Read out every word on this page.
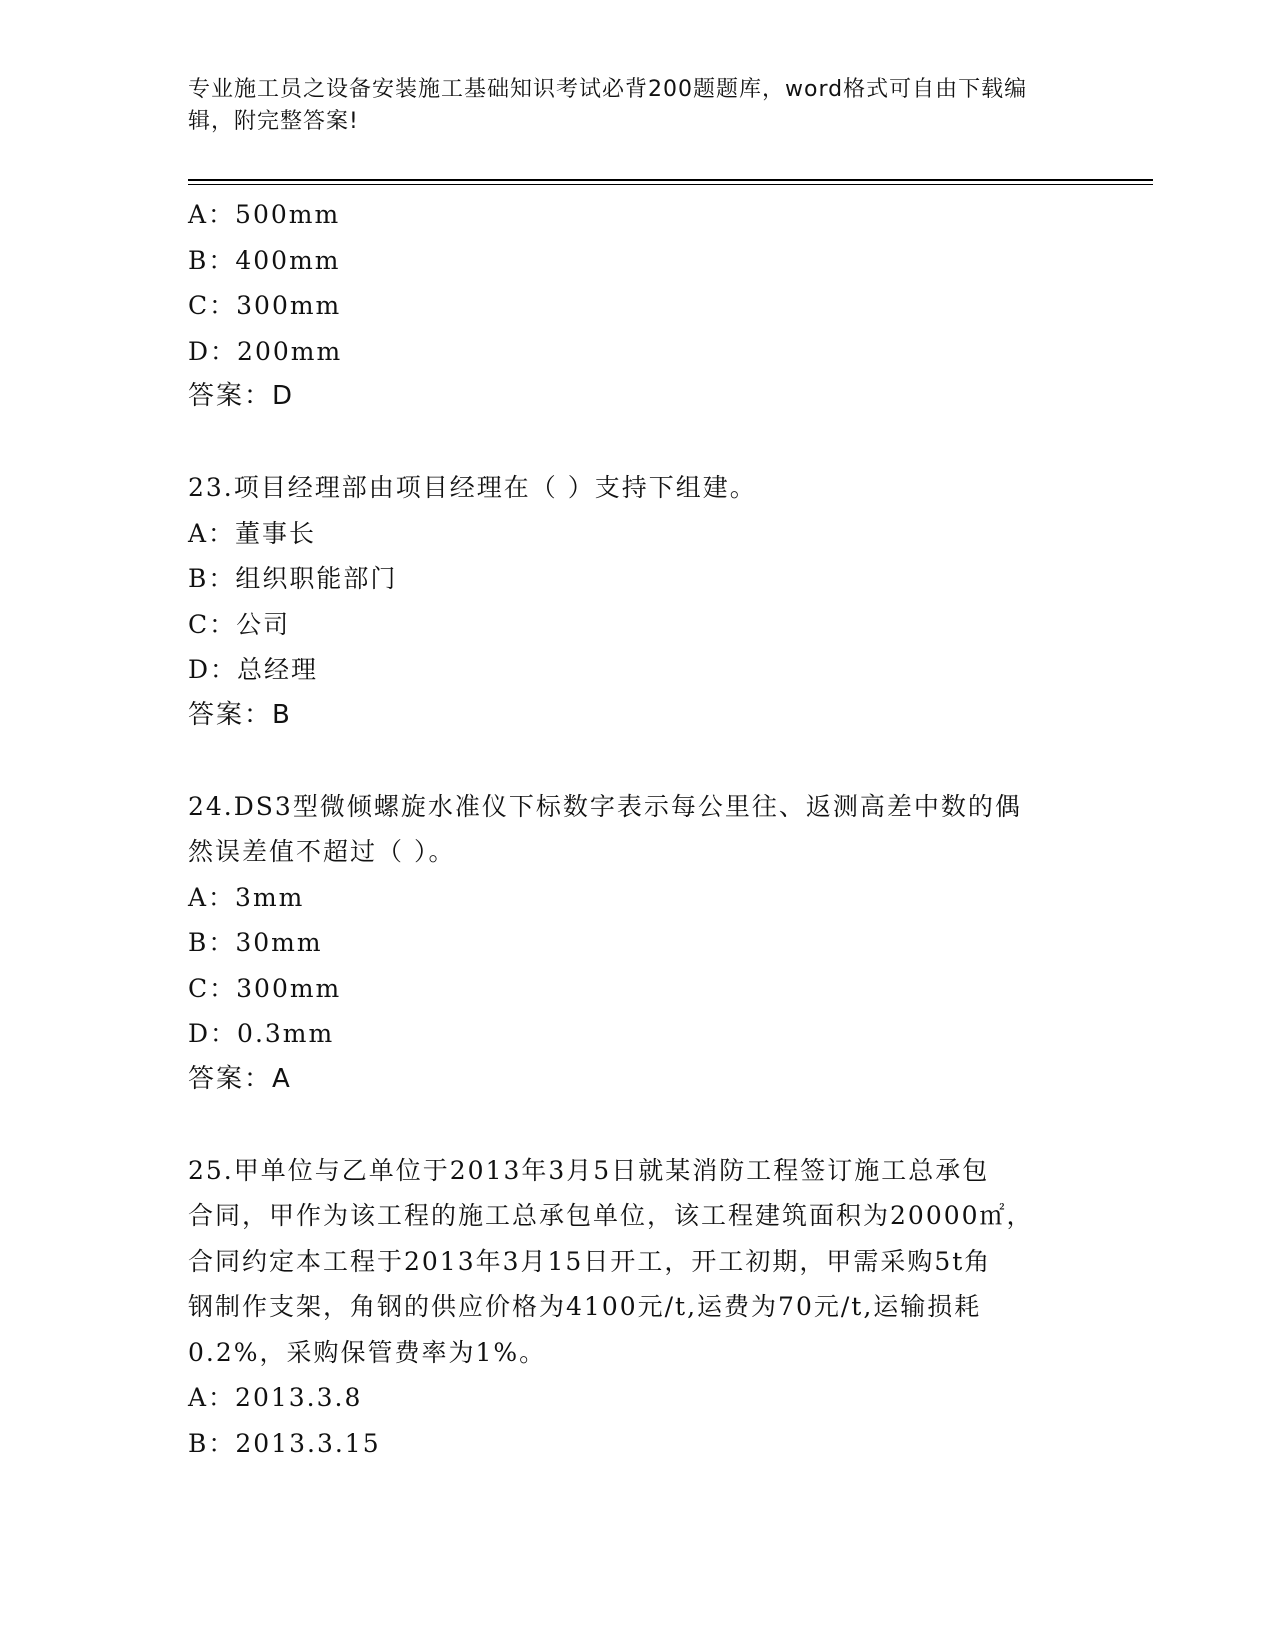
专业施工员之设备安装施工基础知识考试必背200题题库，word格式可自由下载编辑，附完整答案!
A：500mm
B：400mm
C：300mm
D：200mm
答案：D
23.项目经理部由项目经理在（ ）支持下组建。
A：董事长
B：组织职能部门
C：公司
D：总经理
答案：B
24.DS3型微倾螺旋水准仪下标数字表示每公里往、返测高差中数的偶
然误差值不超过（ ）。
A：3mm
B：30mm
C：300mm
D：0.3mm
答案：A
25.甲单位与乙单位于2013年3月5日就某消防工程签订施工总承包
合同，甲作为该工程的施工总承包单位，该工程建筑面积为20000㎡，
合同约定本工程于2013年3月15日开工，开工初期，甲需采购5t角
钢制作支架，角钢的供应价格为4100元/t,运费为70元/t,运输损耗
0.2%，采购保管费率为1%。
A：2013.3.8
B：2013.3.15
